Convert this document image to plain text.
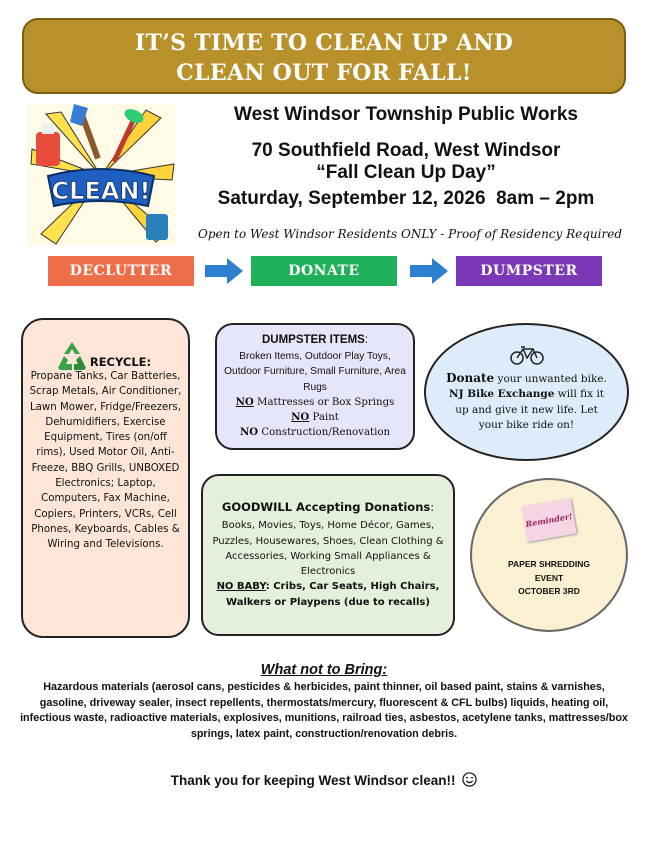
IT’S TIME TO CLEAN UP AND
CLEAN OUT FOR FALL!
CLEAN!
West Windsor Township Public Works
70 Southfield Road, West Windsor
“Fall Clean Up Day”
Saturday, September 12, 2026 8am – 2pm
Open to West Windsor Residents ONLY - Proof of Residency Required
DECLUTTER	DONATE	DUMPSTER
RECYCLE:
Propane Tanks, Car Batteries, Scrap Metals, Air Conditioner, Lawn Mower, Fridge/Freezers, Dehumidifiers, Exercise Equipment, Tires (on/off rims), Used Motor Oil, Anti-Freeze, BBQ Grills, UNBOXED Electronics; Laptop, Computers, Fax Machine, Copiers, Printers, VCRs, Cell Phones, Keyboards, Cables & Wiring and Televisions.
DUMPSTER ITEMS:
Broken Items, Outdoor Play Toys, Outdoor Furniture, Small Furniture, Area Rugs
NO Mattresses or Box Springs
NO Paint
NO Construction/Renovation
Donate your unwanted bike. NJ Bike Exchange will fix it up and give it new life. Let your bike ride on!
GOODWILL Accepting Donations:
Books, Movies, Toys, Home Décor, Games, Puzzles, Housewares, Shoes, Clean Clothing & Accessories, Working Small Appliances & Electronics
NO BABY: Cribs, Car Seats, High Chairs, Walkers or Playpens (due to recalls)
Reminder!
PAPER SHREDDING
EVENT
OCTOBER 3RD
What not to Bring:
Hazardous materials (aerosol cans, pesticides & herbicides, paint thinner, oil based paint, stains & varnishes, gasoline, driveway sealer, insect repellents, thermostats/mercury, fluorescent & CFL bulbs) liquids, heating oil, infectious waste, radioactive materials, explosives, munitions, railroad ties, asbestos, acetylene tanks, mattresses/box springs, latex paint, construction/renovation debris.
Thank you for keeping West Windsor clean!!
